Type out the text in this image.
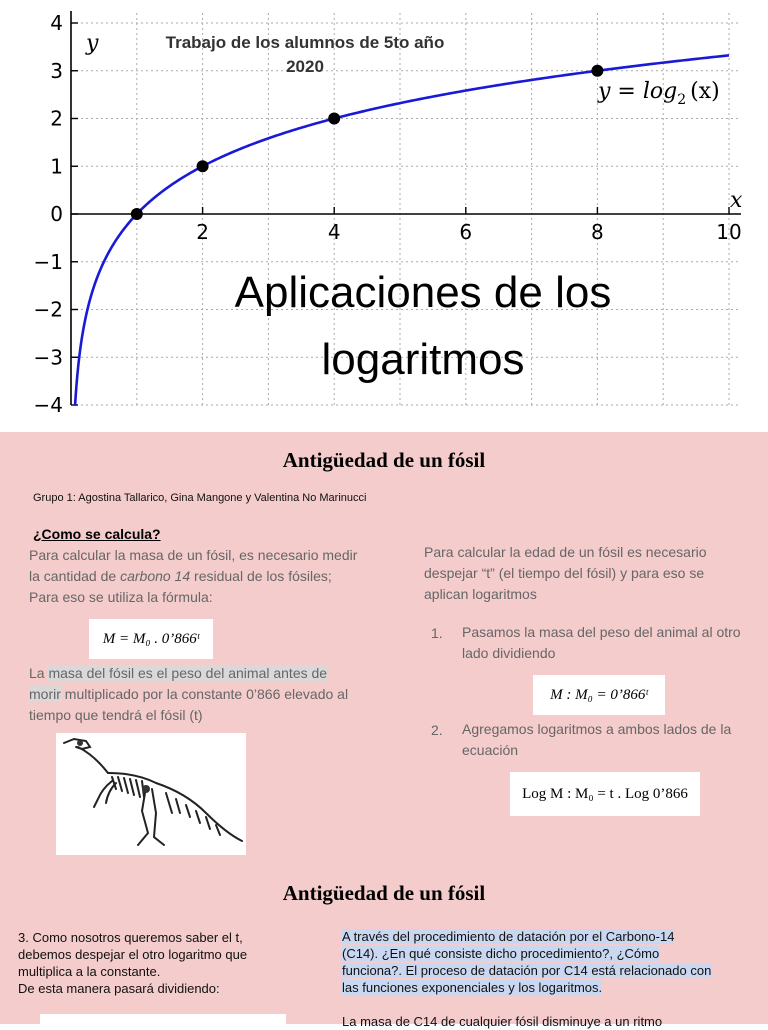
4
3
2
1
0
−1
−2
−3
−4
2	4	6	8	10
x
y
$y = \log_2 (x)$
Trabajo de los alumnos de 5to año
2020
Aplicaciones de los
logaritmos
Antigüedad de un fósil
Grupo 1: Agostina Tallarico, Gina Mangone y Valentina No Marinucci
¿Como se calcula?
Para calcular la masa de un fósil, es necesario medir la cantidad de carbono 14 residual de los fósiles; Para eso se utiliza la fórmula:
M = M₀ . 0’866ᵗ
La masa del fósil es el peso del animal antes de morir multiplicado por la constante 0’866 elevado al tiempo que tendrá el fósil (t)
Para calcular la edad de un fósil es necesario despejar “t” (el tiempo del fósil) y para eso se aplican logaritmos
1. Pasamos la masa del peso del animal al otro lado dividiendo
M : M₀ = 0’866ᵗ
2. Agregamos logaritmos a ambos lados de la ecuación
Log M : M₀ = t . Log 0’866
Antigüedad de un fósil
3. Como nosotros queremos saber el t,
debemos despejar el otro logaritmo que
multiplica a la constante.
De esta manera pasará dividiendo:
A través del procedimiento de datación por el Carbono-14 (C14). ¿En qué consiste dicho procedimiento?, ¿Cómo funciona?. El proceso de datación por C14 está relacionado con las funciones exponenciales y los logaritmos.
La masa de C14 de cualquier fósil disminuye a un ritmo
